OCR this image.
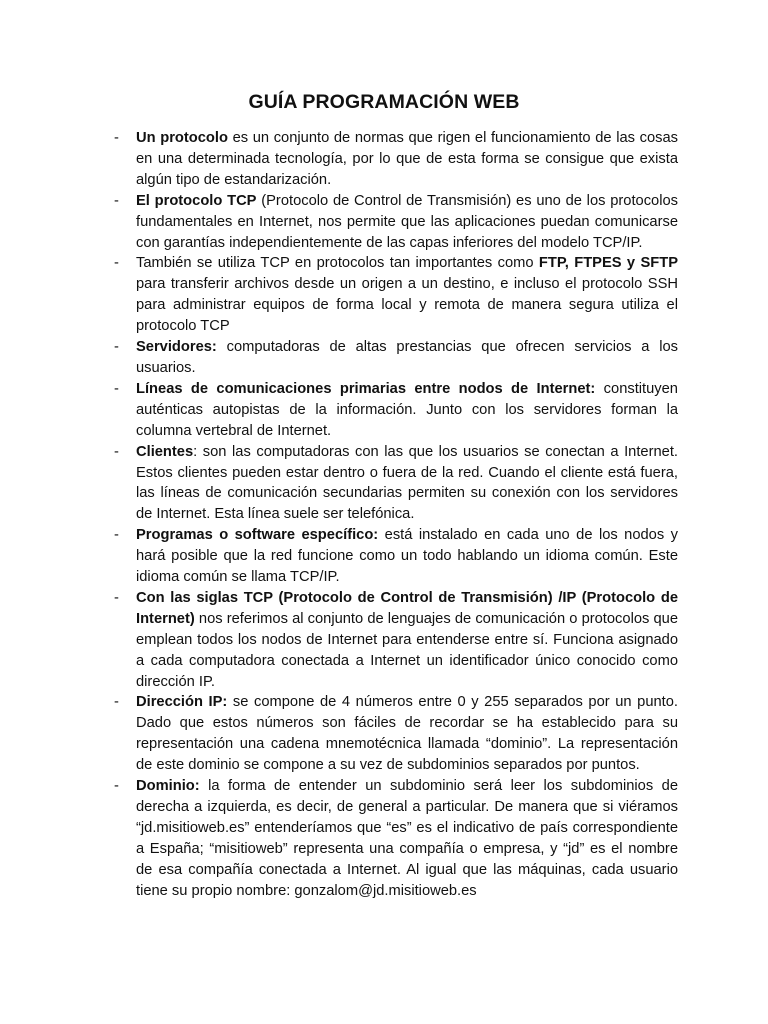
GUÍA PROGRAMACIÓN WEB
- Un protocolo es un conjunto de normas que rigen el funcionamiento de las cosas en una determinada tecnología, por lo que de esta forma se consigue que exista algún tipo de estandarización.
- El protocolo TCP (Protocolo de Control de Transmisión) es uno de los protocolos fundamentales en Internet, nos permite que las aplicaciones puedan comunicarse con garantías independientemente de las capas inferiores del modelo TCP/IP.
- También se utiliza TCP en protocolos tan importantes como FTP, FTPES y SFTP para transferir archivos desde un origen a un destino, e incluso el protocolo SSH para administrar equipos de forma local y remota de manera segura utiliza el protocolo TCP
- Servidores: computadoras de altas prestancias que ofrecen servicios a los usuarios.
- Líneas de comunicaciones primarias entre nodos de Internet: constituyen auténticas autopistas de la información. Junto con los servidores forman la columna vertebral de Internet.
- Clientes: son las computadoras con las que los usuarios se conectan a Internet. Estos clientes pueden estar dentro o fuera de la red. Cuando el cliente está fuera, las líneas de comunicación secundarias permiten su conexión con los servidores de Internet. Esta línea suele ser telefónica.
- Programas o software específico: está instalado en cada uno de los nodos y hará posible que la red funcione como un todo hablando un idioma común. Este idioma común se llama TCP/IP.
- Con las siglas TCP (Protocolo de Control de Transmisión) /IP (Protocolo de Internet) nos referimos al conjunto de lenguajes de comunicación o protocolos que emplean todos los nodos de Internet para entenderse entre sí. Funciona asignado a cada computadora conectada a Internet un identificador único conocido como dirección IP.
- Dirección IP: se compone de 4 números entre 0 y 255 separados por un punto. Dado que estos números son fáciles de recordar se ha establecido para su representación una cadena mnemotécnica llamada “dominio”. La representación de este dominio se compone a su vez de subdominios separados por puntos.
- Dominio: la forma de entender un subdominio será leer los subdominios de derecha a izquierda, es decir, de general a particular. De manera que si viéramos “jd.misitioweb.es” entenderíamos que “es” es el indicativo de país correspondiente a España; “misitioweb” representa una compañía o empresa, y “jd” es el nombre de esa compañía conectada a Internet. Al igual que las máquinas, cada usuario tiene su propio nombre: gonzalom@jd.misitioweb.es
